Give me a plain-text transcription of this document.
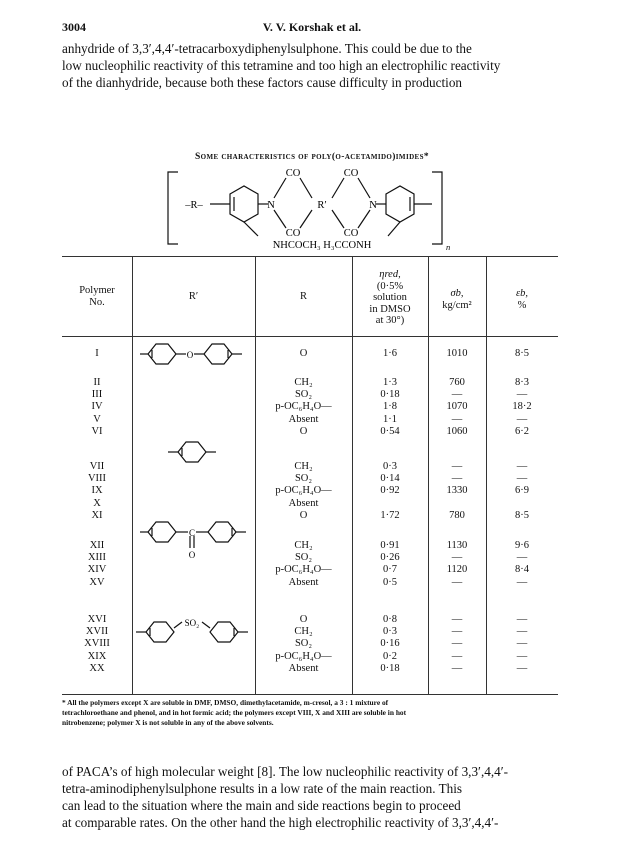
3004	V. V. Korshak et al.
anhydride of 3,3′,4,4′-tetracarboxydiphenylsulphone. This could be due to the
low nucleophilic reactivity of this tetramine and too high an electrophilic reactivity
of the dianhydride, because both these factors cause difficulty in production
Some characteristics of poly(o-acetamido)imides*
–R–	N	N
CO	CO
CO	CO
R′
NHCOCH₃ H₃CCONH	n
Polymer
No.	R′	R
ηred,
(0·5%
solution
in DMSO
at 30°)
σb,
kg/cm²
εb,
%
I	O	1·6	1010	8·5
II	CH₂	1·3	760	8·3
III	SO₂	0·18	—	—
IV	p-OC₆H₄O—	1·8	1070	18·2
V	Absent	1·1	—	—
VI	O	0·54	1060	6·2
VII	CH₂	0·3	—	—
VIII	SO₂	0·14	—	—
IX	p-OC₆H₄O—	0·92	1330	6·9
X	Absent
XI	O	1·72	780	8·5
XII	CH₂	0·91	1130	9·6
XIII	SO₂	0·26	—	—
XIV	p-OC₆H₄O—	0·7	1120	8·4
XV	Absent	0·5	—	—
XVI	O	0·8	—	—
XVII	CH₂	0·3	—	—
XVIII	SO₂	0·16	—	—
XIX	p-OC₆H₄O—	0·2	—	—
XX	Absent	0·18	—	—
O
C
O
SO₂
* All the polymers except X are soluble in DMF, DMSO, dimethylacetamide, m-cresol, a 3 : 1 mixture of
tetrachloroethane and phenol, and in hot formic acid; the polymers except VIII, X and XIII are soluble in hot
nitrobenzene; polymer X is not soluble in any of the above solvents.
of PACA’s of high molecular weight [8]. The low nucleophilic reactivity of 3,3′,4,4′-
tetra-aminodiphenylsulphone results in a low rate of the main reaction. This
can lead to the situation where the main and side reactions begin to proceed
at comparable rates. On the other hand the high electrophilic reactivity of 3,3′,4,4′-
